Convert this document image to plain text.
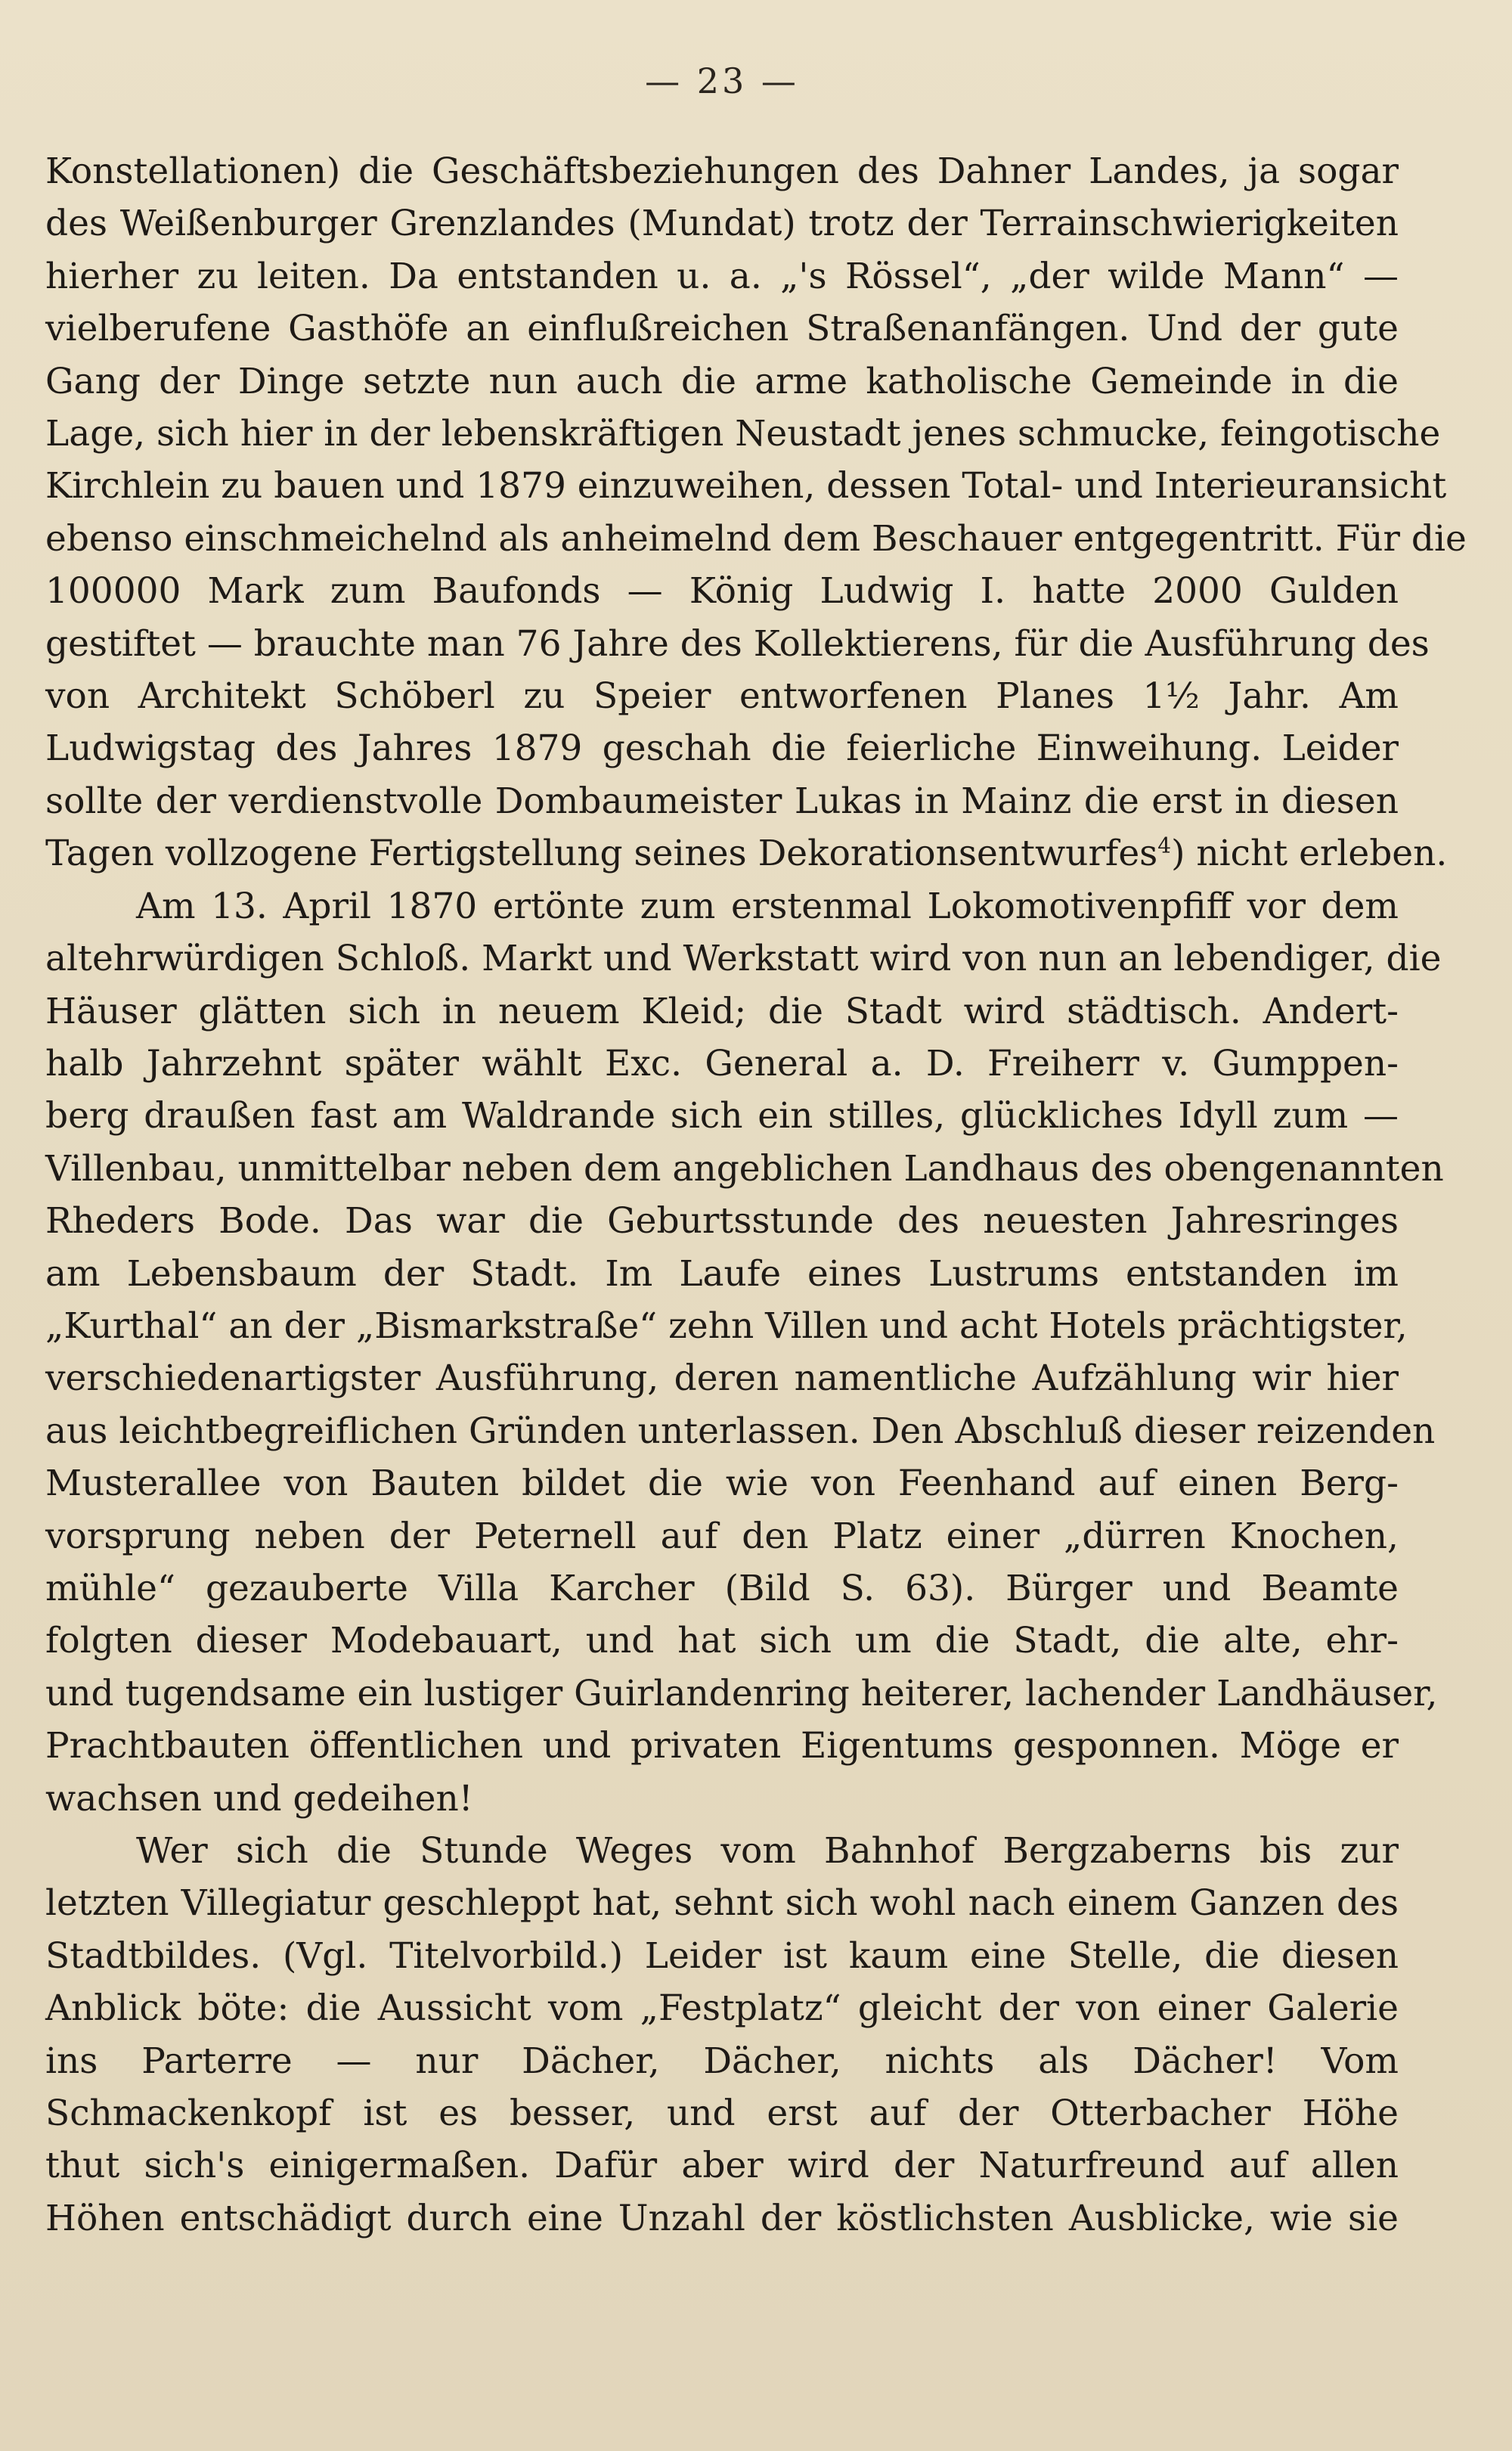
— 23 —
Konstellationen) die Geschäftsbeziehungen des Dahner Landes, ja sogar
des Weißenburger Grenzlandes (Mundat) trotz der Terrainschwierigkeiten
hierher zu leiten. Da entstanden u. a. „'s Rössel“, „der wilde Mann“ —
vielberufene Gasthöfe an einflußreichen Straßenanfängen. Und der gute
Gang der Dinge setzte nun auch die arme katholische Gemeinde in die
Lage, sich hier in der lebenskräftigen Neustadt jenes schmucke, feingotische
Kirchlein zu bauen und 1879 einzuweihen, dessen Total- und Interieuransicht
ebenso einschmeichelnd als anheimelnd dem Beschauer entgegentritt. Für die
100000 Mark zum Baufonds — König Ludwig I. hatte 2000 Gulden
gestiftet — brauchte man 76 Jahre des Kollektierens, für die Ausführung des
von Architekt Schöberl zu Speier entworfenen Planes 1½ Jahr. Am
Ludwigstag des Jahres 1879 geschah die feierliche Einweihung. Leider
sollte der verdienstvolle Dombaumeister Lukas in Mainz die erst in diesen
Tagen vollzogene Fertigstellung seines Dekorationsentwurfes$^4$) nicht erleben.
Am 13. April 1870 ertönte zum erstenmal Lokomotivenpfiff vor dem
altehrwürdigen Schloß. Markt und Werkstatt wird von nun an lebendiger, die
Häuser glätten sich in neuem Kleid; die Stadt wird städtisch. Andert-
halb Jahrzehnt später wählt Exc. General a. D. Freiherr v. Gumppen-
berg draußen fast am Waldrande sich ein stilles, glückliches Idyll zum —
Villenbau, unmittelbar neben dem angeblichen Landhaus des obengenannten
Rheders Bode. Das war die Geburtsstunde des neuesten Jahresringes
am Lebensbaum der Stadt. Im Laufe eines Lustrums entstanden im
„Kurthal“ an der „Bismarkstraße“ zehn Villen und acht Hotels prächtigster,
verschiedenartigster Ausführung, deren namentliche Aufzählung wir hier
aus leichtbegreiflichen Gründen unterlassen. Den Abschluß dieser reizenden
Musterallee von Bauten bildet die wie von Feenhand auf einen Berg-
vorsprung neben der Peternell auf den Platz einer „dürren Knochen,
mühle“ gezauberte Villa Karcher (Bild S. 63). Bürger und Beamte
folgten dieser Modebauart, und hat sich um die Stadt, die alte, ehr-
und tugendsame ein lustiger Guirlandenring heiterer, lachender Landhäuser,
Prachtbauten öffentlichen und privaten Eigentums gesponnen. Möge er
wachsen und gedeihen!
Wer sich die Stunde Weges vom Bahnhof Bergzaberns bis zur
letzten Villegiatur geschleppt hat, sehnt sich wohl nach einem Ganzen des
Stadtbildes. (Vgl. Titelvorbild.) Leider ist kaum eine Stelle, die diesen
Anblick böte: die Aussicht vom „Festplatz“ gleicht der von einer Galerie
ins Parterre — nur Dächer, Dächer, nichts als Dächer! Vom
Schmackenkopf ist es besser, und erst auf der Otterbacher Höhe
thut sich's einigermaßen. Dafür aber wird der Naturfreund auf allen
Höhen entschädigt durch eine Unzahl der köstlichsten Ausblicke, wie sie
